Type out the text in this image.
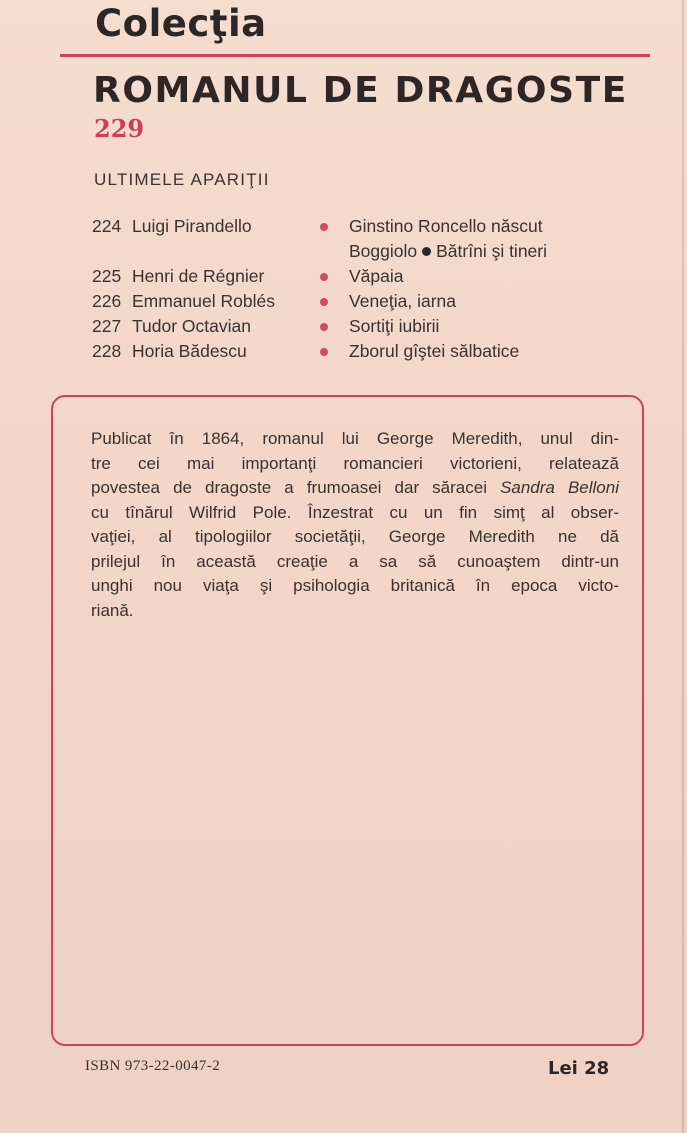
Colecţia
ROMANUL DE DRAGOSTE
229
ULTIMELE APARIŢII
224 Luigi Pirandello	Ginstino Roncello născut
Boggiolo Bătrîni şi tineri
225 Henri de Régnier	Văpaia
226 Emmanuel Roblés	Veneţia, iarna
227 Tudor Octavian	Sortiţi iubirii
228 Horia Bădescu	Zborul gîştei sălbatice
Publicat în 1864, romanul lui George Meredith, unul din-
tre cei mai importanţi romancieri victorieni, relatează
povestea de dragoste a frumoasei dar săracei Sandra Belloni
cu tînărul Wilfrid Pole. Înzestrat cu un fin simţ al obser-
vaţiei, al tipologiilor societăţii, George Meredith ne dă
prilejul în această creaţie a sa să cunoaştem dintr-un
unghi nou viaţa şi psihologia britanică în epoca victo-
riană.
ISBN 973-22-0047-2	Lei 28
